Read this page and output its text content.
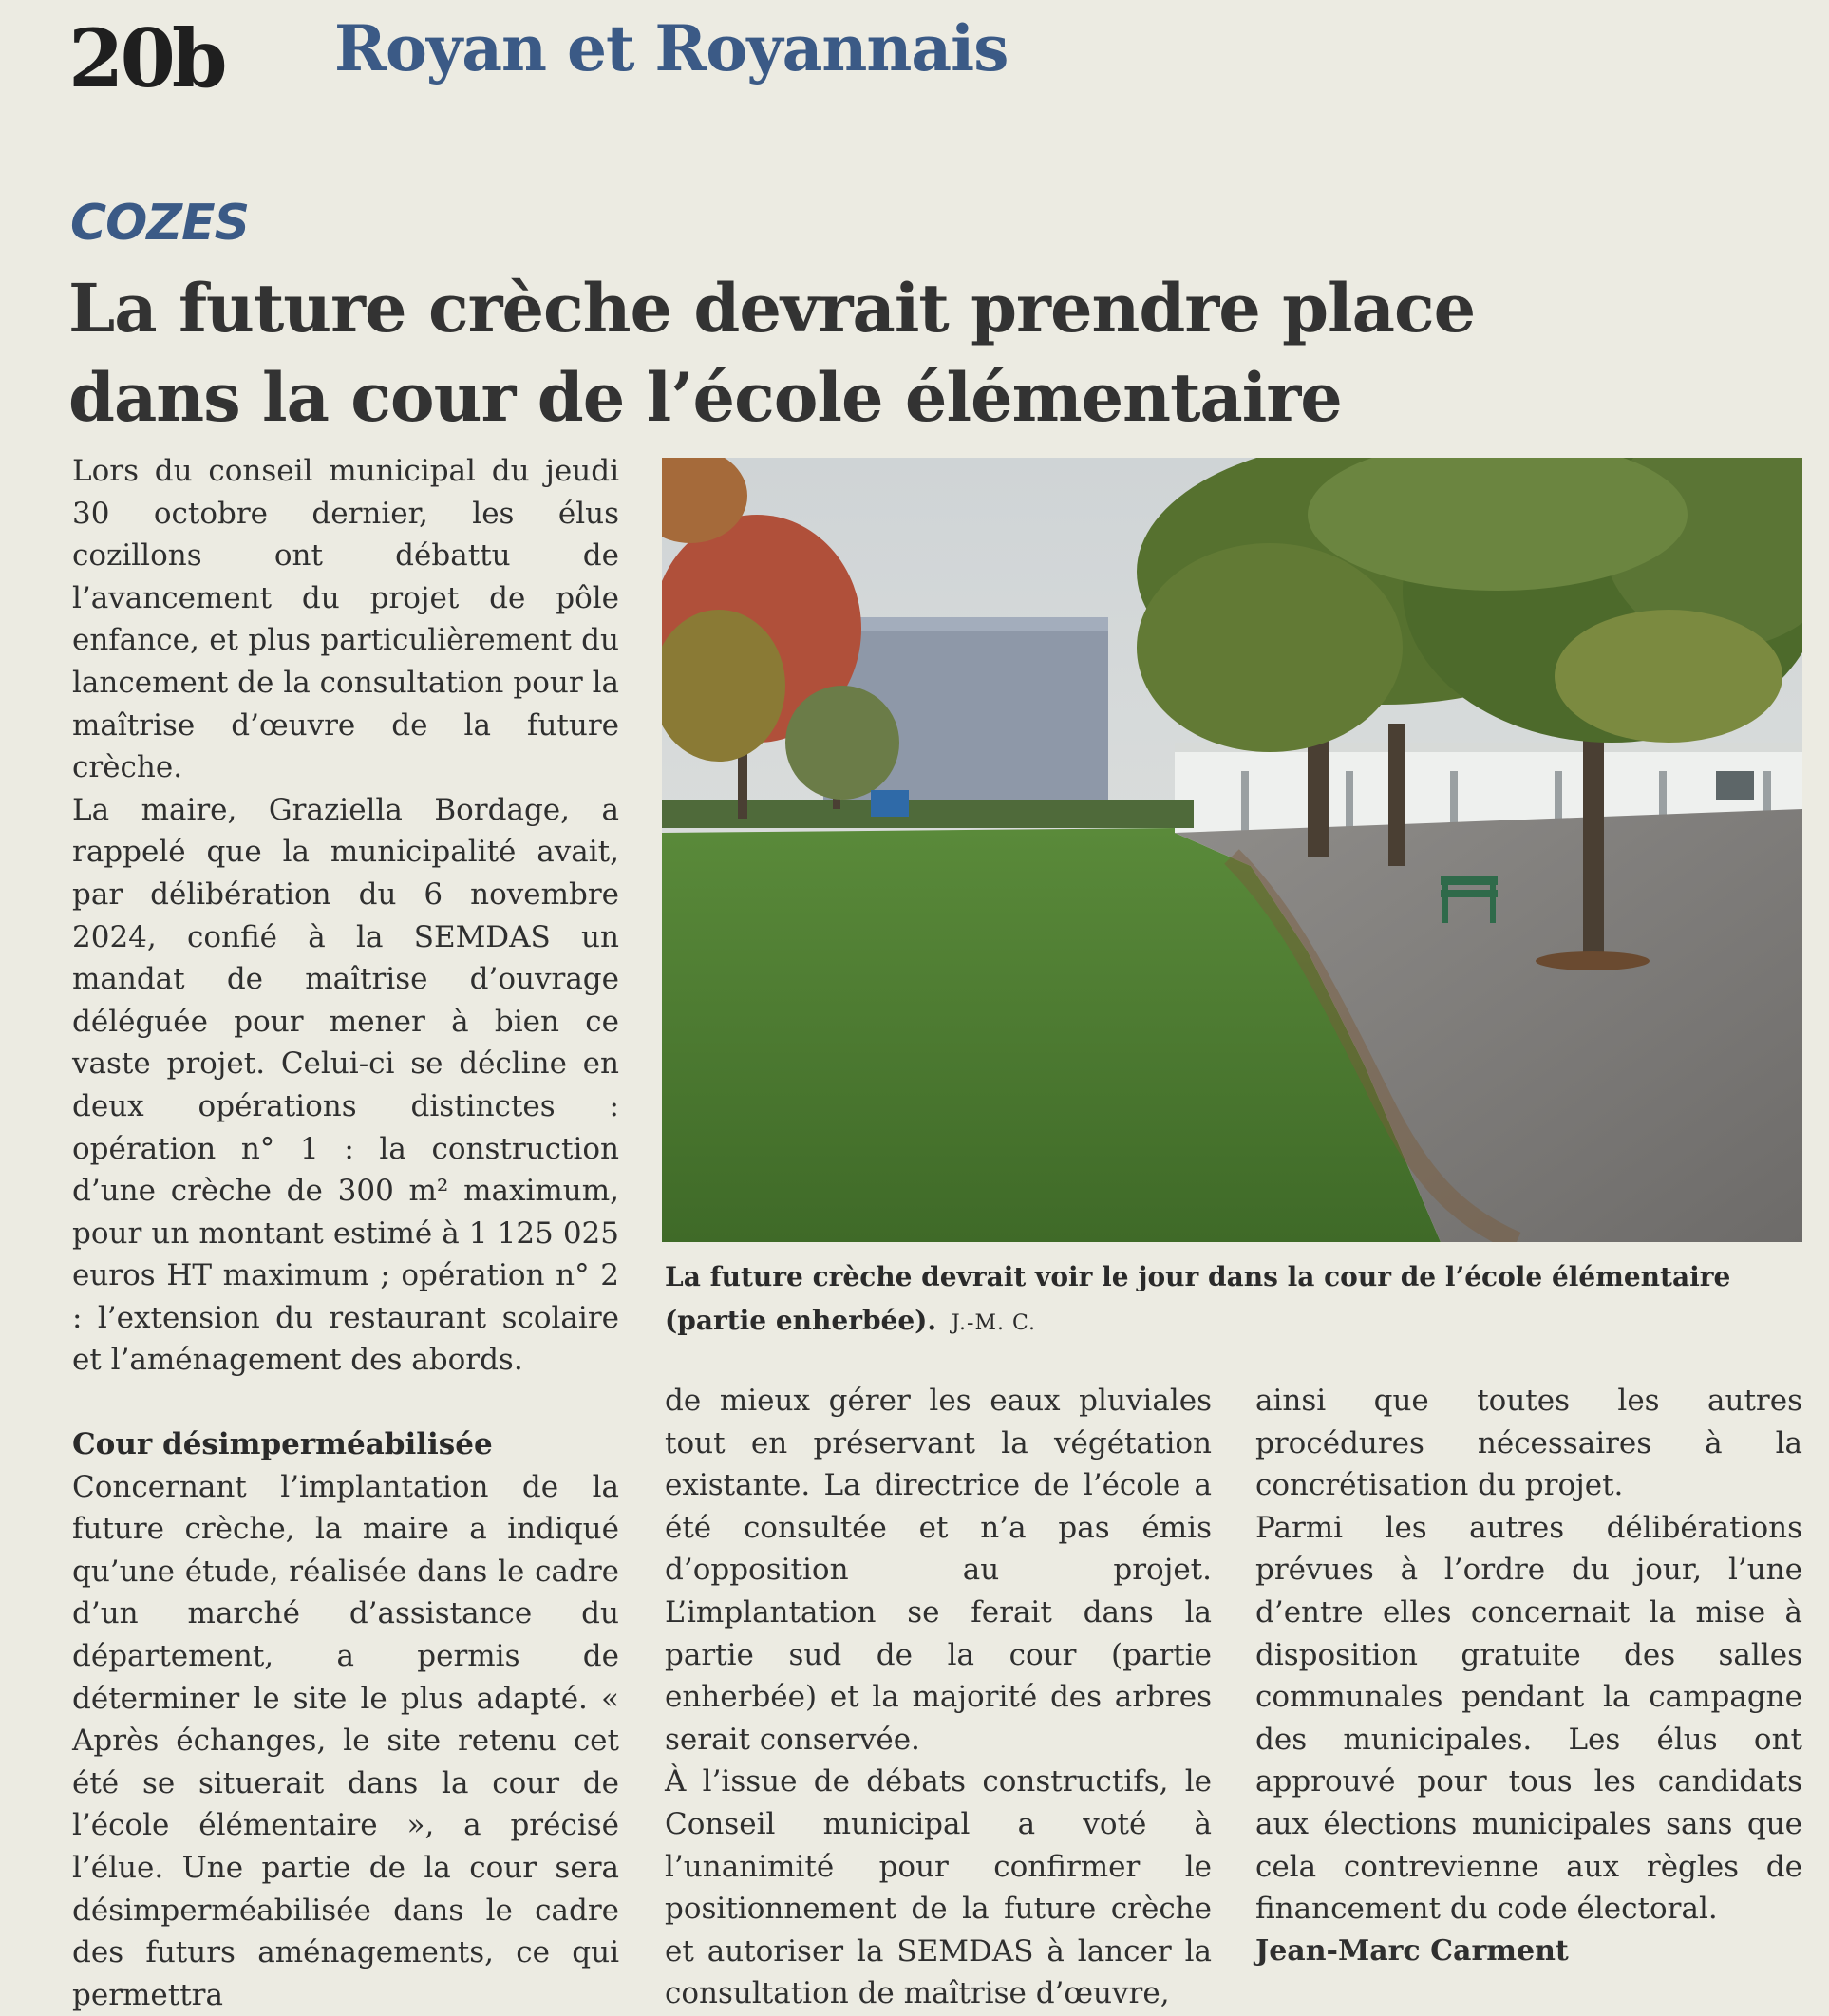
20b Royan et Royannais
COZES
La future crèche devrait prendre place
dans la cour de l’école élémentaire

Lors du conseil municipal du jeudi 30 octobre dernier, les élus cozillons ont débattu de l’avancement du projet de pôle enfance, et plus particulièrement du lancement de la consultation pour la maîtrise d’œuvre de la future crèche.

La maire, Graziella Bordage, a rappelé que la municipalité avait, par délibération du 6 novembre 2024, confié à la SEMDAS un mandat de maîtrise d’ouvrage déléguée pour mener à bien ce vaste projet. Celui-ci se décline en deux opérations distinctes : opération n° 1 : la construction d’une crèche de 300 m² maximum, pour un montant estimé à 1 125 025 euros HT maximum ; opération n° 2 : l’extension du restaurant scolaire et l’aménagement des abords.

Cour désimperméabilisée

Concernant l’implantation de la future crèche, la maire a indiqué qu’une étude, réalisée dans le cadre d’un marché d’assistance du département, a permis de déterminer le site le plus adapté. « Après échanges, le site retenu cet été se situerait dans la cour de l’école élémentaire », a précisé l’élue. Une partie de la cour sera désimperméabilisée dans le cadre des futurs aménagements, ce qui permettra

La future crèche devrait voir le jour dans la cour de l’école élémentaire (partie enherbée). J.-M. C.

de mieux gérer les eaux pluviales tout en préservant la végétation existante. La directrice de l’école a été consultée et n’a pas émis d’opposition au projet. L’implantation se ferait dans la partie sud de la cour (partie enherbée) et la majorité des arbres serait conservée.

À l’issue de débats constructifs, le Conseil municipal a voté à l’unanimité pour confirmer le positionnement de la future crèche et autoriser la SEMDAS à lancer la consultation de maîtrise d’œuvre,

ainsi que toutes les autres procédures nécessaires à la concrétisation du projet.

Parmi les autres délibérations prévues à l’ordre du jour, l’une d’entre elles concernait la mise à disposition gratuite des salles communales pendant la campagne des municipales. Les élus ont approuvé pour tous les candidats aux élections municipales sans que cela contrevienne aux règles de financement du code électoral.

Jean-Marc Carment
